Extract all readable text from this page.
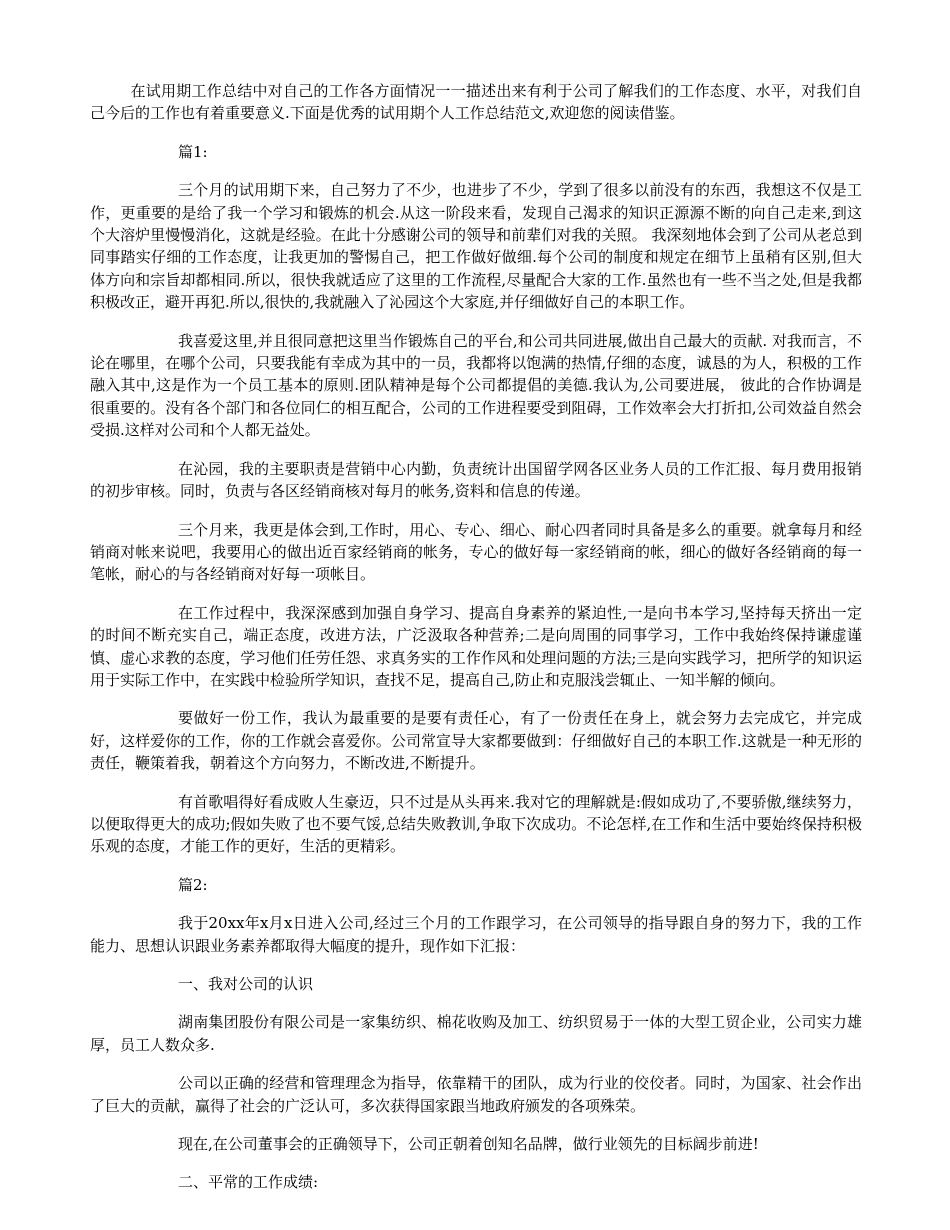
在试用期工作总结中对自己的工作各方面情况一一描述出来有利于公司了解我们的工作态度、水平，对我们自己今后的工作也有着重要意义.下面是优秀的试用期个人工作总结范文,欢迎您的阅读借鉴。

篇1:

三个月的试用期下来，自己努力了不少，也进步了不少，学到了很多以前没有的东西，我想这不仅是工作，更重要的是给了我一个学习和锻炼的机会.从这一阶段来看，发现自己渴求的知识正源源不断的向自己走来,到这个大溶炉里慢慢消化，这就是经验。在此十分感谢公司的领导和前辈们对我的关照。 我深刻地体会到了公司从老总到同事踏实仔细的工作态度，让我更加的警惕自己，把工作做好做细.每个公司的制度和规定在细节上虽稍有区别,但大体方向和宗旨却都相同.所以，很快我就适应了这里的工作流程,尽量配合大家的工作.虽然也有一些不当之处,但是我都积极改正，避开再犯.所以,很快的,我就融入了沁园这个大家庭,并仔细做好自己的本职工作。

我喜爱这里,并且很同意把这里当作锻炼自己的平台,和公司共同进展,做出自己最大的贡献. 对我而言，不论在哪里，在哪个公司，只要我能有幸成为其中的一员，我都将以饱满的热情,仔细的态度，诚恳的为人，积极的工作融入其中,这是作为一个员工基本的原则.团队精神是每个公司都提倡的美德.我认为,公司要进展， 彼此的合作协调是很重要的。没有各个部门和各位同仁的相互配合，公司的工作进程要受到阻碍，工作效率会大打折扣,公司效益自然会受损.这样对公司和个人都无益处。

在沁园，我的主要职责是营销中心内勤，负责统计出国留学网各区业务人员的工作汇报、每月费用报销的初步审核。同时，负责与各区经销商核对每月的帐务,资料和信息的传递。

三个月来，我更是体会到,工作时，用心、专心、细心、耐心四者同时具备是多么的重要。就拿每月和经销商对帐来说吧，我要用心的做出近百家经销商的帐务，专心的做好每一家经销商的帐，细心的做好各经销商的每一笔帐，耐心的与各经销商对好每一项帐目。

在工作过程中，我深深感到加强自身学习、提高自身素养的紧迫性,一是向书本学习,坚持每天挤出一定的时间不断充实自己，端正态度，改进方法，广泛汲取各种营养;二是向周围的同事学习，工作中我始终保持谦虚谨慎、虚心求教的态度，学习他们任劳任怨、求真务实的工作作风和处理问题的方法;三是向实践学习，把所学的知识运用于实际工作中，在实践中检验所学知识，查找不足，提高自己,防止和克服浅尝辄止、一知半解的倾向。

要做好一份工作，我认为最重要的是要有责任心，有了一份责任在身上，就会努力去完成它，并完成好，这样爱你的工作，你的工作就会喜爱你。公司常宣导大家都要做到：仔细做好自己的本职工作.这就是一种无形的责任，鞭策着我，朝着这个方向努力，不断改进,不断提升。

有首歌唱得好看成败人生豪迈，只不过是从头再来.我对它的理解就是:假如成功了,不要骄傲,继续努力，以便取得更大的成功;假如失败了也不要气馁,总结失败教训,争取下次成功。不论怎样,在工作和生活中要始终保持积极乐观的态度，才能工作的更好，生活的更精彩。

篇2:

我于20xx年x月x日进入公司,经过三个月的工作跟学习，在公司领导的指导跟自身的努力下，我的工作能力、思想认识跟业务素养都取得大幅度的提升，现作如下汇报：

一、我对公司的认识

湖南集团股份有限公司是一家集纺织、棉花收购及加工、纺织贸易于一体的大型工贸企业，公司实力雄厚，员工人数众多.

公司以正确的经营和管理理念为指导，依靠精干的团队，成为行业的佼佼者。同时，为国家、社会作出了巨大的贡献，赢得了社会的广泛认可，多次获得国家跟当地政府颁发的各项殊荣。

现在,在公司董事会的正确领导下，公司正朝着创知名品牌，做行业领先的目标阔步前进!

二、平常的工作成绩:
